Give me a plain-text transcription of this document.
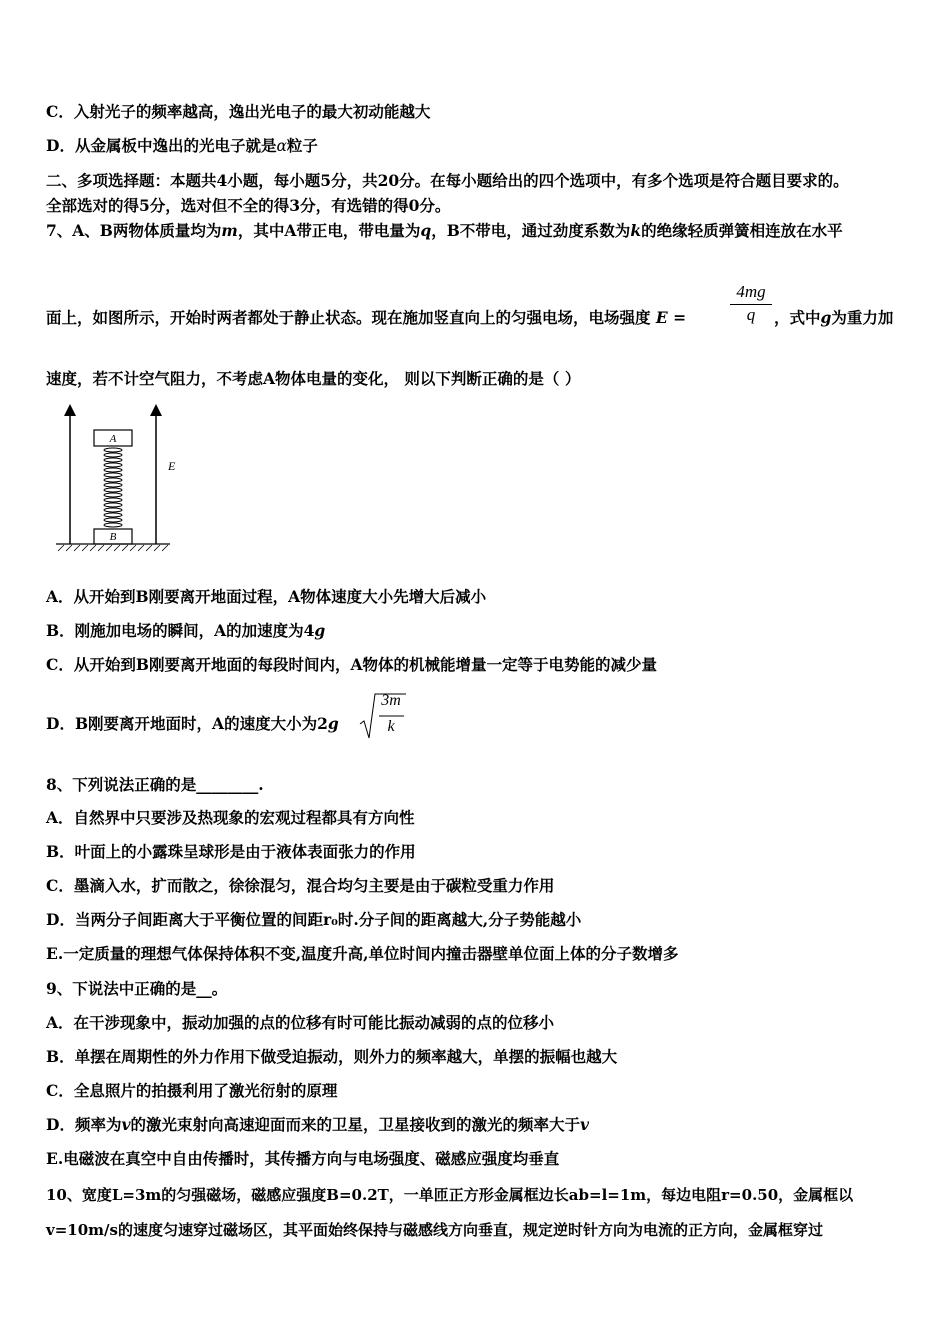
C．入射光子的频率越高，逸出光电子的最大初动能越大
D．从金属板中逸出的光电子就是α粒子
二、多项选择题：本题共4小题，每小题5分，共20分。在每小题给出的四个选项中，有多个选项是符合题目要求的。
全部选对的得5分，选对但不全的得3分，有选错的得0分。
7、A、B两物体质量均为m，其中A带正电，带电量为q，B不带电，通过劲度系数为k的绝缘轻质弹簧相连放在水平
面上，如图所示，开始时两者都处于静止状态。现在施加竖直向上的匀强电场，电场强度 E =	$\frac{4mg}{q}$ ，式中g为重力加
速度，若不计空气阻力，不考虑A物体电量的变化， 则以下判断正确的是（ ）
A
B
E
A．从开始到B刚要离开地面过程，A物体速度大小先增大后减小
B．刚施加电场的瞬间，A的加速度为4g
C．从开始到B刚要离开地面的每段时间内，A物体的机械能增量一定等于电势能的减少量
D．B刚要离开地面时，A的速度大小为2g
3m
k
8、下列说法正确的是________.
A．自然界中只要涉及热现象的宏观过程都具有方向性
B．叶面上的小露珠呈球形是由于液体表面张力的作用
C．墨滴入水，扩而散之，徐徐混匀，混合均匀主要是由于碳粒受重力作用
D．当两分子间距离大于平衡位置的间距r₀时.分子间的距离越大,分子势能越小
E.一定质量的理想气体保持体积不变,温度升高,单位时间内撞击器壁单位面上体的分子数增多
9、下说法中正确的是__。
A．在干涉现象中，振动加强的点的位移有时可能比振动减弱的点的位移小
B．单摆在周期性的外力作用下做受迫振动，则外力的频率越大，单摆的振幅也越大
C．全息照片的拍摄利用了激光衍射的原理
D．频率为v的激光束射向高速迎面而来的卫星，卫星接收到的激光的频率大于v
E.电磁波在真空中自由传播时，其传播方向与电场强度、磁感应强度均垂直
10、宽度L=3m的匀强磁场，磁感应强度B=0.2T，一单匝正方形金属框边长ab=l=1m，每边电阻r=0.50，金属框以
v=10m/s的速度匀速穿过磁场区，其平面始终保持与磁感线方向垂直，规定逆时针方向为电流的正方向，金属框穿过
